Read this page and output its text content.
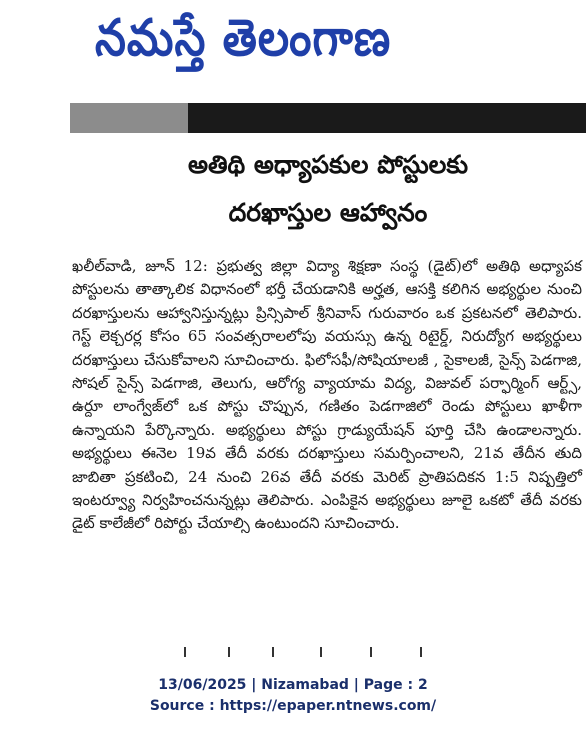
నమస్తే తెలంగాణ
అతిథి అధ్యాపకుల పోస్టులకు
దరఖాస్తుల ఆహ్వానం

ఖలీల్‌వాడి, జూన్ 12: ప్రభుత్వ జిల్లా విద్యా శిక్షణా సంస్థ (డైట్)లో అతిథి అధ్యాపక పోస్టులను తాత్కాలిక విధానంలో భర్తీ చేయడానికి అర్హత, ఆసక్తి కలిగిన అభ్యర్థుల నుంచి దరఖాస్తులను ఆహ్వానిస్తున్నట్లు ప్రిన్సిపాల్ శ్రీనివాస్ గురువారం ఒక ప్రకటనలో తెలిపారు. గెస్ట్ లెక్చరర్ల కోసం 65 సంవత్సరాలలోపు వయస్సు ఉన్న రిటైర్డ్, నిరుద్యోగ అభ్యర్థులు దరఖాస్తులు చేసుకోవాలని సూచించారు. ఫిలోసఫీ/సోషియాలజీ , సైకాలజీ, సైన్స్ పెడగాజి, సోషల్ సైన్స్ పెడగాజి, తెలుగు, ఆరోగ్య వ్యాయామ విద్య, విజువల్ పర్ఫార్మింగ్ ఆర్ట్స్, ఉర్దూ లాంగ్వేజ్‌లో ఒక పోస్టు చొప్పున, గణితం పెడగాజిలో రెండు పోస్టులు ఖాళీగా ఉన్నాయని పేర్కొన్నారు. అభ్యర్థులు పోస్టు గ్రాడ్యుయేషన్ పూర్తి చేసి ఉండాలన్నారు. అభ్యర్థులు ఈనెల 19వ తేదీ వరకు దరఖాస్తులు సమర్పించాలని, 21వ తేదీన తుది జాబితా ప్రకటించి, 24 నుంచి 26వ తేదీ వరకు మెరిట్ ప్రాతిపదికన 1:5 నిష్పత్తిలో ఇంటర్వ్యూ నిర్వహించనున్నట్లు తెలిపారు. ఎంపికైన అభ్యర్థులు జూలై ఒకటో తేదీ వరకు డైట్ కాలేజీలో రిపోర్టు చేయాల్సి ఉంటుందని సూచించారు.

13/06/2025 | Nizamabad | Page : 2
Source : https://epaper.ntnews.com/
